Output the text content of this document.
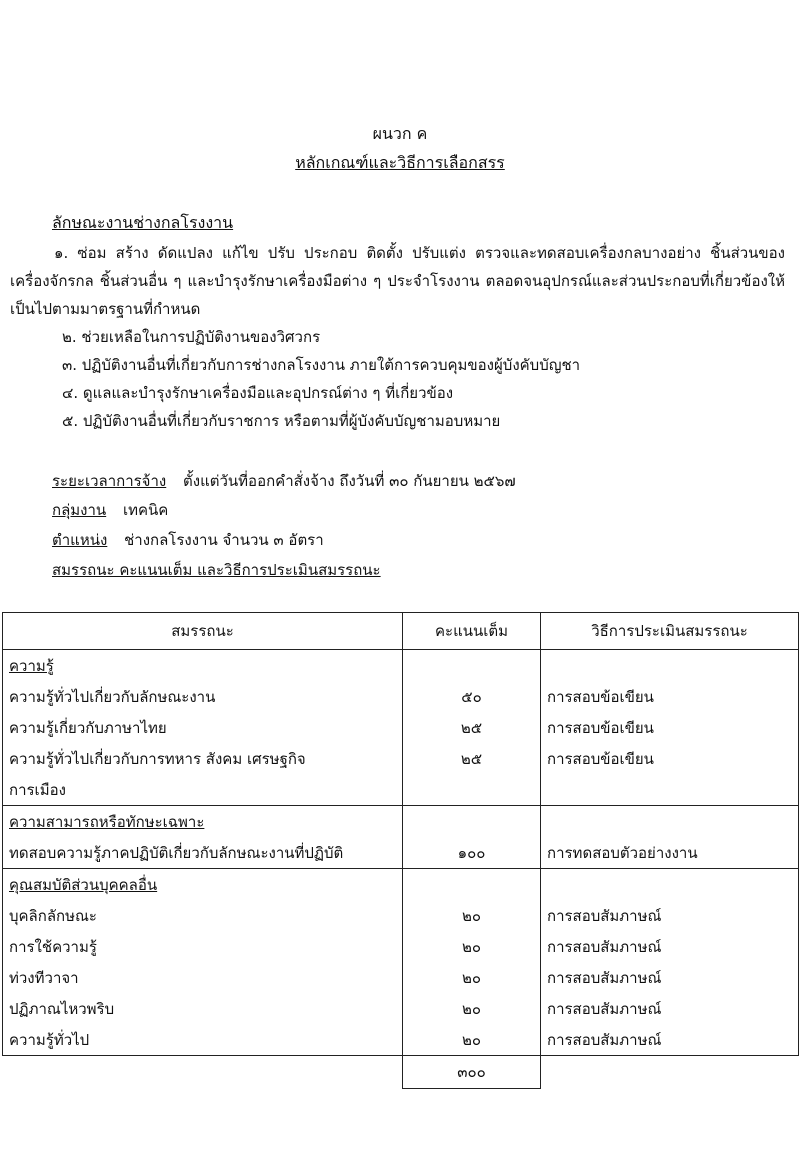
ผนวก ค
หลักเกณฑ์และวิธีการเลือกสรร
ลักษณะงานช่างกลโรงงาน
๑. ซ่อม สร้าง ดัดแปลง แก้ไข ปรับ ประกอบ ติดตั้ง ปรับแต่ง ตรวจและทดสอบเครื่องกลบางอย่าง ชิ้นส่วนของเครื่องจักรกล ชิ้นส่วนอื่น ๆ และบำรุงรักษาเครื่องมือต่าง ๆ ประจำโรงงาน ตลอดจนอุปกรณ์และส่วนประกอบที่เกี่ยวข้องให้เป็นไปตามมาตรฐานที่กำหนด
๒. ช่วยเหลือในการปฏิบัติงานของวิศวกร
๓. ปฏิบัติงานอื่นที่เกี่ยวกับการช่างกลโรงงาน ภายใต้การควบคุมของผู้บังคับบัญชา
๔. ดูแลและบำรุงรักษาเครื่องมือและอุปกรณ์ต่าง ๆ ที่เกี่ยวข้อง
๕. ปฏิบัติงานอื่นที่เกี่ยวกับราชการ หรือตามที่ผู้บังคับบัญชามอบหมาย
ระยะเวลาการจ้าง ตั้งแต่วันที่ออกคำสั่งจ้าง ถึงวันที่ ๓๐ กันยายน ๒๕๖๗
กลุ่มงาน เทคนิค
ตำแหน่ง ช่างกลโรงงาน จำนวน ๓ อัตรา
สมรรถนะ คะแนนเต็ม และวิธีการประเมินสมรรถนะ
สมรรถนะ	คะแนนเต็ม	วิธีการประเมินสมรรถนะ
ความรู้		
ความรู้ทั่วไปเกี่ยวกับลักษณะงาน	๕๐	การสอบข้อเขียน
ความรู้เกี่ยวกับภาษาไทย	๒๕	การสอบข้อเขียน
ความรู้ทั่วไปเกี่ยวกับการทหาร สังคม เศรษฐกิจ	๒๕	การสอบข้อเขียน
การเมือง		
ความสามารถหรือทักษะเฉพาะ		
ทดสอบความรู้ภาคปฏิบัติเกี่ยวกับลักษณะงานที่ปฏิบัติ	๑๐๐	การทดสอบตัวอย่างงาน
คุณสมบัติส่วนบุคคลอื่น		
บุคลิกลักษณะ	๒๐	การสอบสัมภาษณ์
การใช้ความรู้	๒๐	การสอบสัมภาษณ์
ท่วงทีวาจา	๒๐	การสอบสัมภาษณ์
ปฏิภาณไหวพริบ	๒๐	การสอบสัมภาษณ์
ความรู้ทั่วไป	๒๐	การสอบสัมภาษณ์
	๓๐๐	
